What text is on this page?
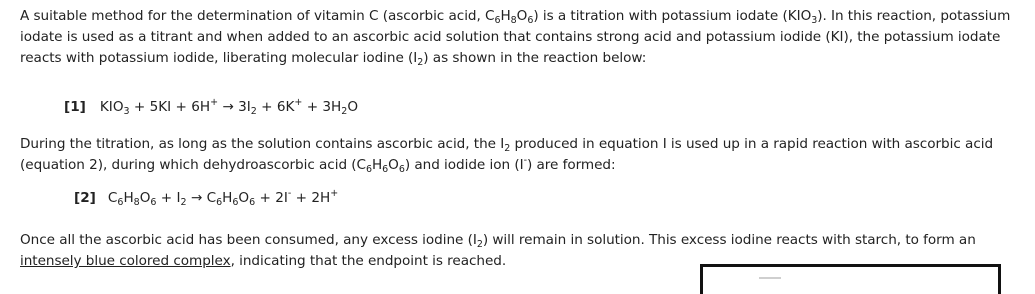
A suitable method for the determination of vitamin C (ascorbic acid, $C_6H_8O_6$) is a titration with potassium iodate $(KIO_3)$. In this reaction, potassium iodate is used as a titrant and when added to an ascorbic acid solution that contains strong acid and potassium iodide (KI), the potassium iodate reacts with potassium iodide, liberating molecular iodine $(I_2)$ as shown in the reaction below:

[1] $KIO_3 + 5KI + 6H^+ \to 3I_2 + 6K^+ + 3H_2O$

During the titration, as long as the solution contains ascorbic acid, the $I_2$ produced in equation I is used up in a rapid reaction with ascorbic acid (equation 2), during which dehydroascorbic acid $(C_6H_6O_6)$ and iodide ion (I-) are formed:

[2] $C_6H_8O_6 + I_2 \to C_6H_6O_6 + 2I^- + 2H^+$

Once all the ascorbic acid has been consumed, any excess iodine $(I_2)$ will remain in solution. This excess iodine reacts with starch, to form an intensely blue colored complex, indicating that the endpoint is reached.
